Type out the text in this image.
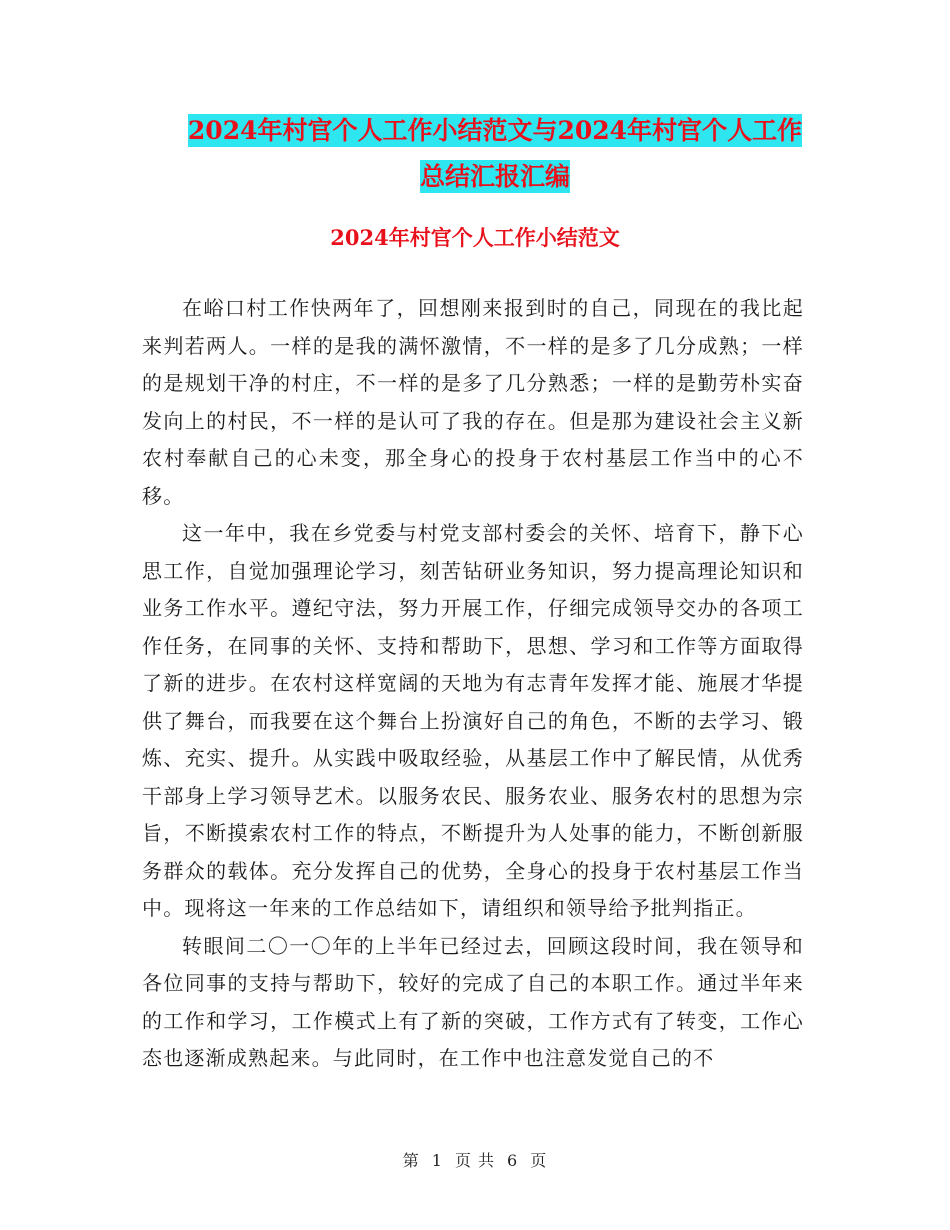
2024年村官个人工作小结范文与2024年村官个人工作
总结汇报汇编
2024年村官个人工作小结范文

在峪口村工作快两年了，回想刚来报到时的自己，同现在的我比起来判若两人。一样的是我的满怀激情，不一样的是多了几分成熟；一样的是规划干净的村庄，不一样的是多了几分熟悉；一样的是勤劳朴实奋发向上的村民，不一样的是认可了我的存在。但是那为建设社会主义新农村奉献自己的心未变，那全身心的投身于农村基层工作当中的心不移。

这一年中，我在乡党委与村党支部村委会的关怀、培育下，静下心思工作，自觉加强理论学习，刻苦钻研业务知识，努力提高理论知识和业务工作水平。遵纪守法，努力开展工作，仔细完成领导交办的各项工作任务，在同事的关怀、支持和帮助下，思想、学习和工作等方面取得了新的进步。在农村这样宽阔的天地为有志青年发挥才能、施展才华提供了舞台，而我要在这个舞台上扮演好自己的角色，不断的去学习、锻炼、充实、提升。从实践中吸取经验，从基层工作中了解民情，从优秀干部身上学习领导艺术。以服务农民、服务农业、服务农村的思想为宗旨，不断摸索农村工作的特点，不断提升为人处事的能力，不断创新服务群众的载体。充分发挥自己的优势，全身心的投身于农村基层工作当中。现将这一年来的工作总结如下，请组织和领导给予批判指正。

转眼间二〇一〇年的上半年已经过去，回顾这段时间，我在领导和各位同事的支持与帮助下，较好的完成了自己的本职工作。通过半年来的工作和学习，工作模式上有了新的突破，工作方式有了转变，工作心态也逐渐成熟起来。与此同时，在工作中也注意发觉自己的不

第 1 页 共 6 页
